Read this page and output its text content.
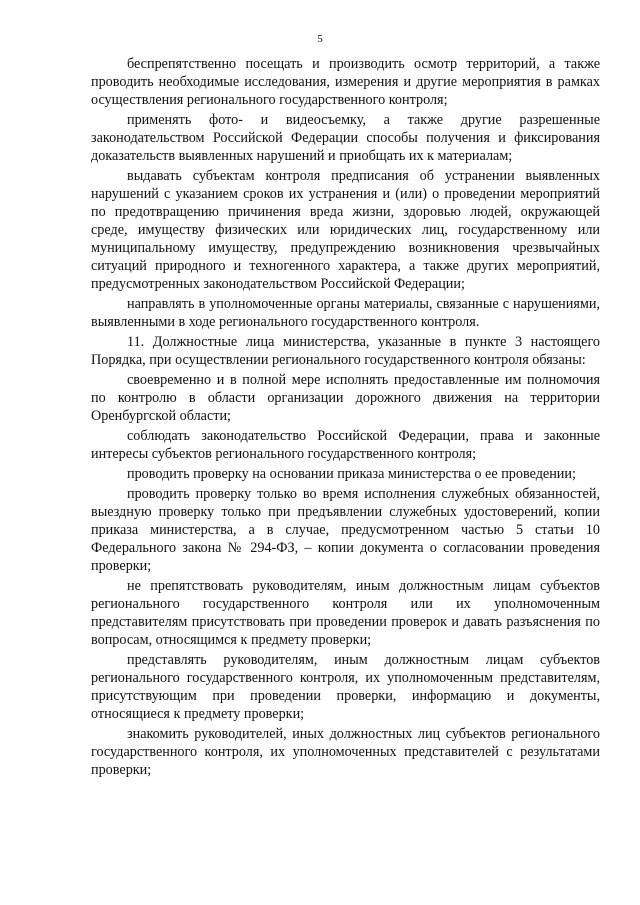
5

беспрепятственно посещать и производить осмотр территорий, а также проводить необходимые исследования, измерения и другие мероприятия в рамках осуществления регионального государственного контроля;

применять фото- и видеосъемку, а также другие разрешенные законодательством Российской Федерации способы получения и фиксирования доказательств выявленных нарушений и приобщать их к материалам;

выдавать субъектам контроля предписания об устранении выявленных нарушений с указанием сроков их устранения и (или) о проведении мероприятий по предотвращению причинения вреда жизни, здоровью людей, окружающей среде, имуществу физических или юридических лиц, государственному или муниципальному имуществу, предупреждению возникновения чрезвычайных ситуаций природного и техногенного характера, а также других мероприятий, предусмотренных законодательством Российской Федерации;

направлять в уполномоченные органы материалы, связанные с нарушениями, выявленными в ходе регионального государственного контроля.

11. Должностные лица министерства, указанные в пункте 3 настоящего Порядка, при осуществлении регионального государственного контроля обязаны:

своевременно и в полной мере исполнять предоставленные им полномочия по контролю в области организации дорожного движения на территории Оренбургской области;

соблюдать законодательство Российской Федерации, права и законные интересы субъектов регионального государственного контроля;

проводить проверку на основании приказа министерства о ее проведении;

проводить проверку только во время исполнения служебных обязанностей, выездную проверку только при предъявлении служебных удостоверений, копии приказа министерства, а в случае, предусмотренном частью 5 статьи 10 Федерального закона № 294-ФЗ, – копии документа о согласовании проведения проверки;

не препятствовать руководителям, иным должностным лицам субъектов регионального государственного контроля или их уполномоченным представителям присутствовать при проведении проверок и давать разъяснения по вопросам, относящимся к предмету проверки;

представлять руководителям, иным должностным лицам субъектов регионального государственного контроля, их уполномоченным представителям, присутствующим при проведении проверки, информацию и документы, относящиеся к предмету проверки;

знакомить руководителей, иных должностных лиц субъектов регионального государственного контроля, их уполномоченных представителей с результатами проверки;
